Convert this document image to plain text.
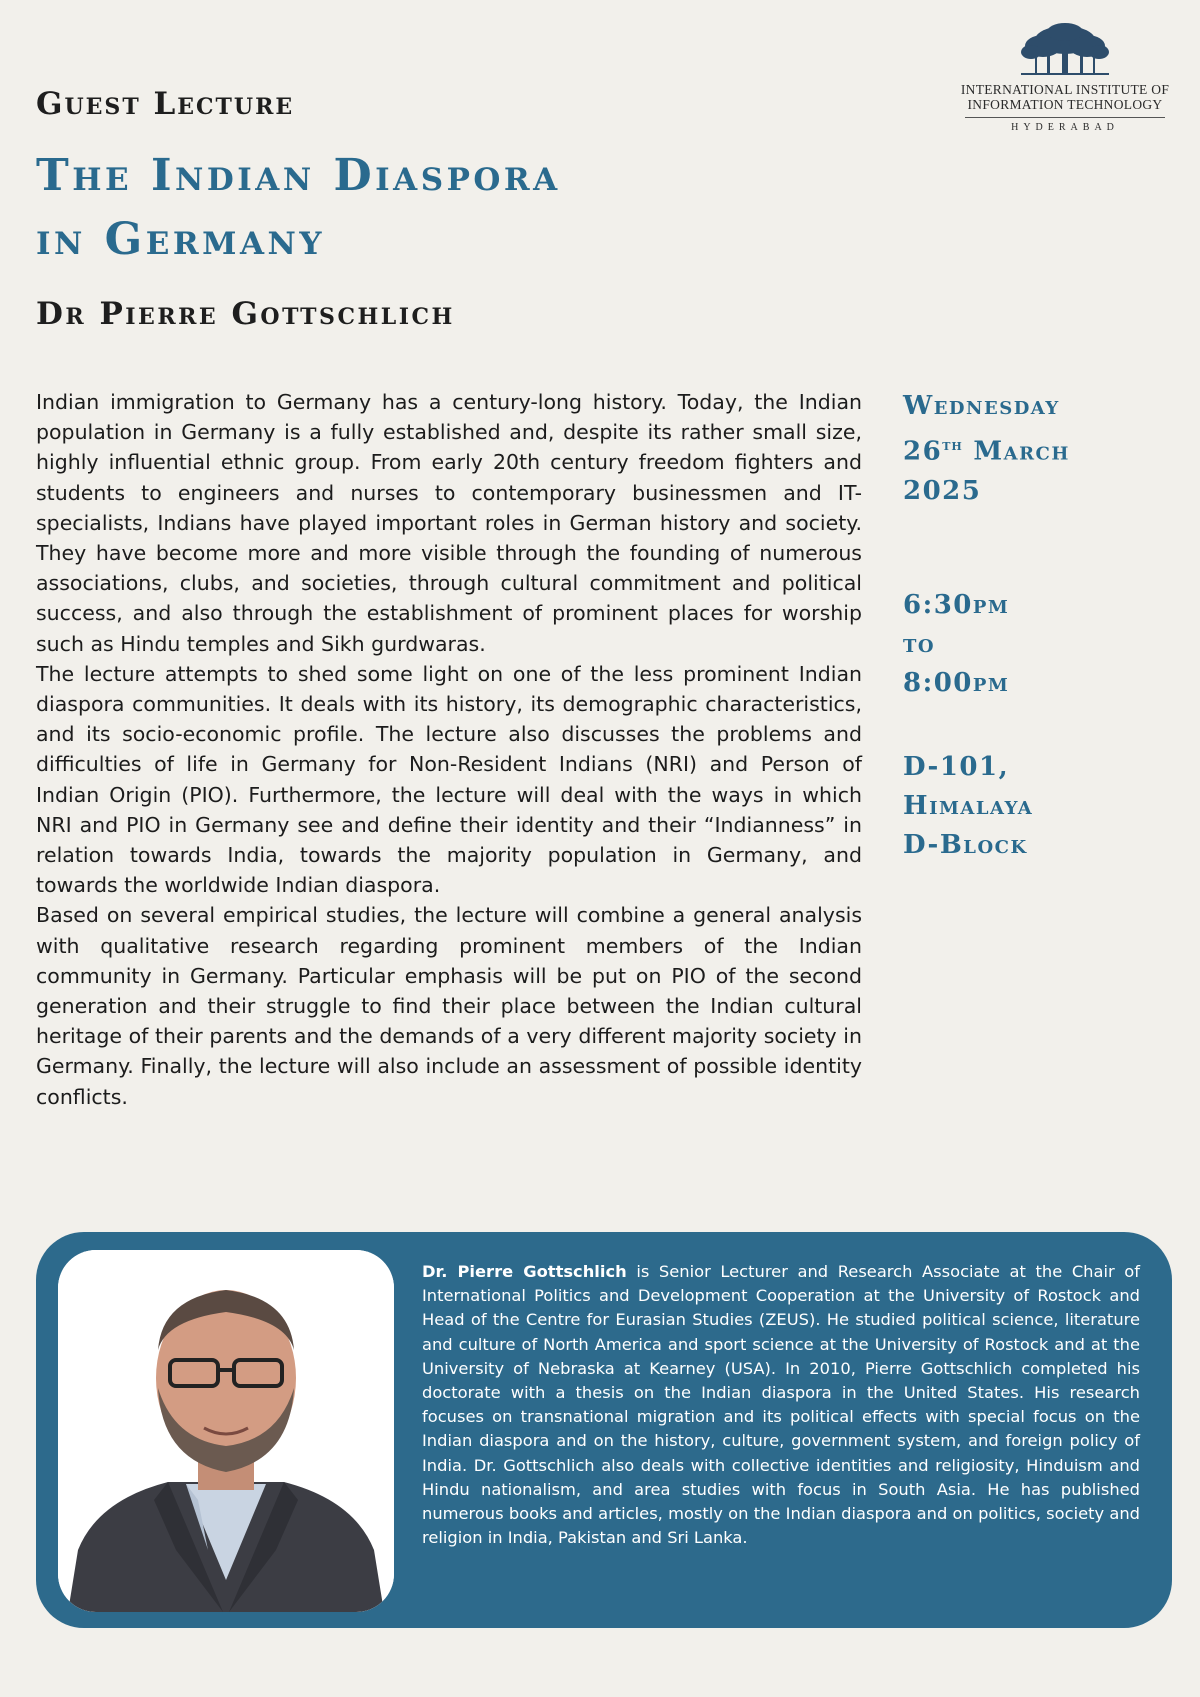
INTERNATIONAL INSTITUTE OF
INFORMATION TECHNOLOGY
HYDERABAD
Guest Lecture
The Indian Diaspora
in Germany
Dr Pierre Gottschlich

Indian immigration to Germany has a century-long history. Today, the Indian population in Germany is a fully established and, despite its rather small size, highly influential ethnic group. From early 20th century freedom fighters and students to engineers and nurses to contemporary businessmen and IT-specialists, Indians have played important roles in German history and society. They have become more and more visible through the founding of numerous associations, clubs, and societies, through cultural commitment and political success, and also through the establishment of prominent places for worship such as Hindu temples and Sikh gurdwaras.

The lecture attempts to shed some light on one of the less prominent Indian diaspora communities. It deals with its history, its demographic characteristics, and its socio-economic profile. The lecture also discusses the problems and difficulties of life in Germany for Non-Resident Indians (NRI) and Person of Indian Origin (PIO). Furthermore, the lecture will deal with the ways in which NRI and PIO in Germany see and define their identity and their “Indianness” in relation towards India, towards the majority population in Germany, and towards the worldwide Indian diaspora.

Based on several empirical studies, the lecture will combine a general analysis with qualitative research regarding prominent members of the Indian community in Germany. Particular emphasis will be put on PIO of the second generation and their struggle to find their place between the Indian cultural heritage of their parents and the demands of a very different majority society in Germany. Finally, the lecture will also include an assessment of possible identity conflicts.

Wednesday
26th March
2025
6:30pm
to
8:00pm
D-101,
Himalaya
D-Block
Dr. Pierre Gottschlich is Senior Lecturer and Research Associate at the Chair of International Politics and Development Cooperation at the University of Rostock and Head of the Centre for Eurasian Studies (ZEUS). He studied political science, literature and culture of North America and sport science at the University of Rostock and at the University of Nebraska at Kearney (USA). In 2010, Pierre Gottschlich completed his doctorate with a thesis on the Indian diaspora in the United States. His research focuses on transnational migration and its political effects with special focus on the Indian diaspora and on the history, culture, government system, and foreign policy of India. Dr. Gottschlich also deals with collective identities and religiosity, Hinduism and Hindu nationalism, and area studies with focus in South Asia. He has published numerous books and articles, mostly on the Indian diaspora and on politics, society and religion in India, Pakistan and Sri Lanka.
